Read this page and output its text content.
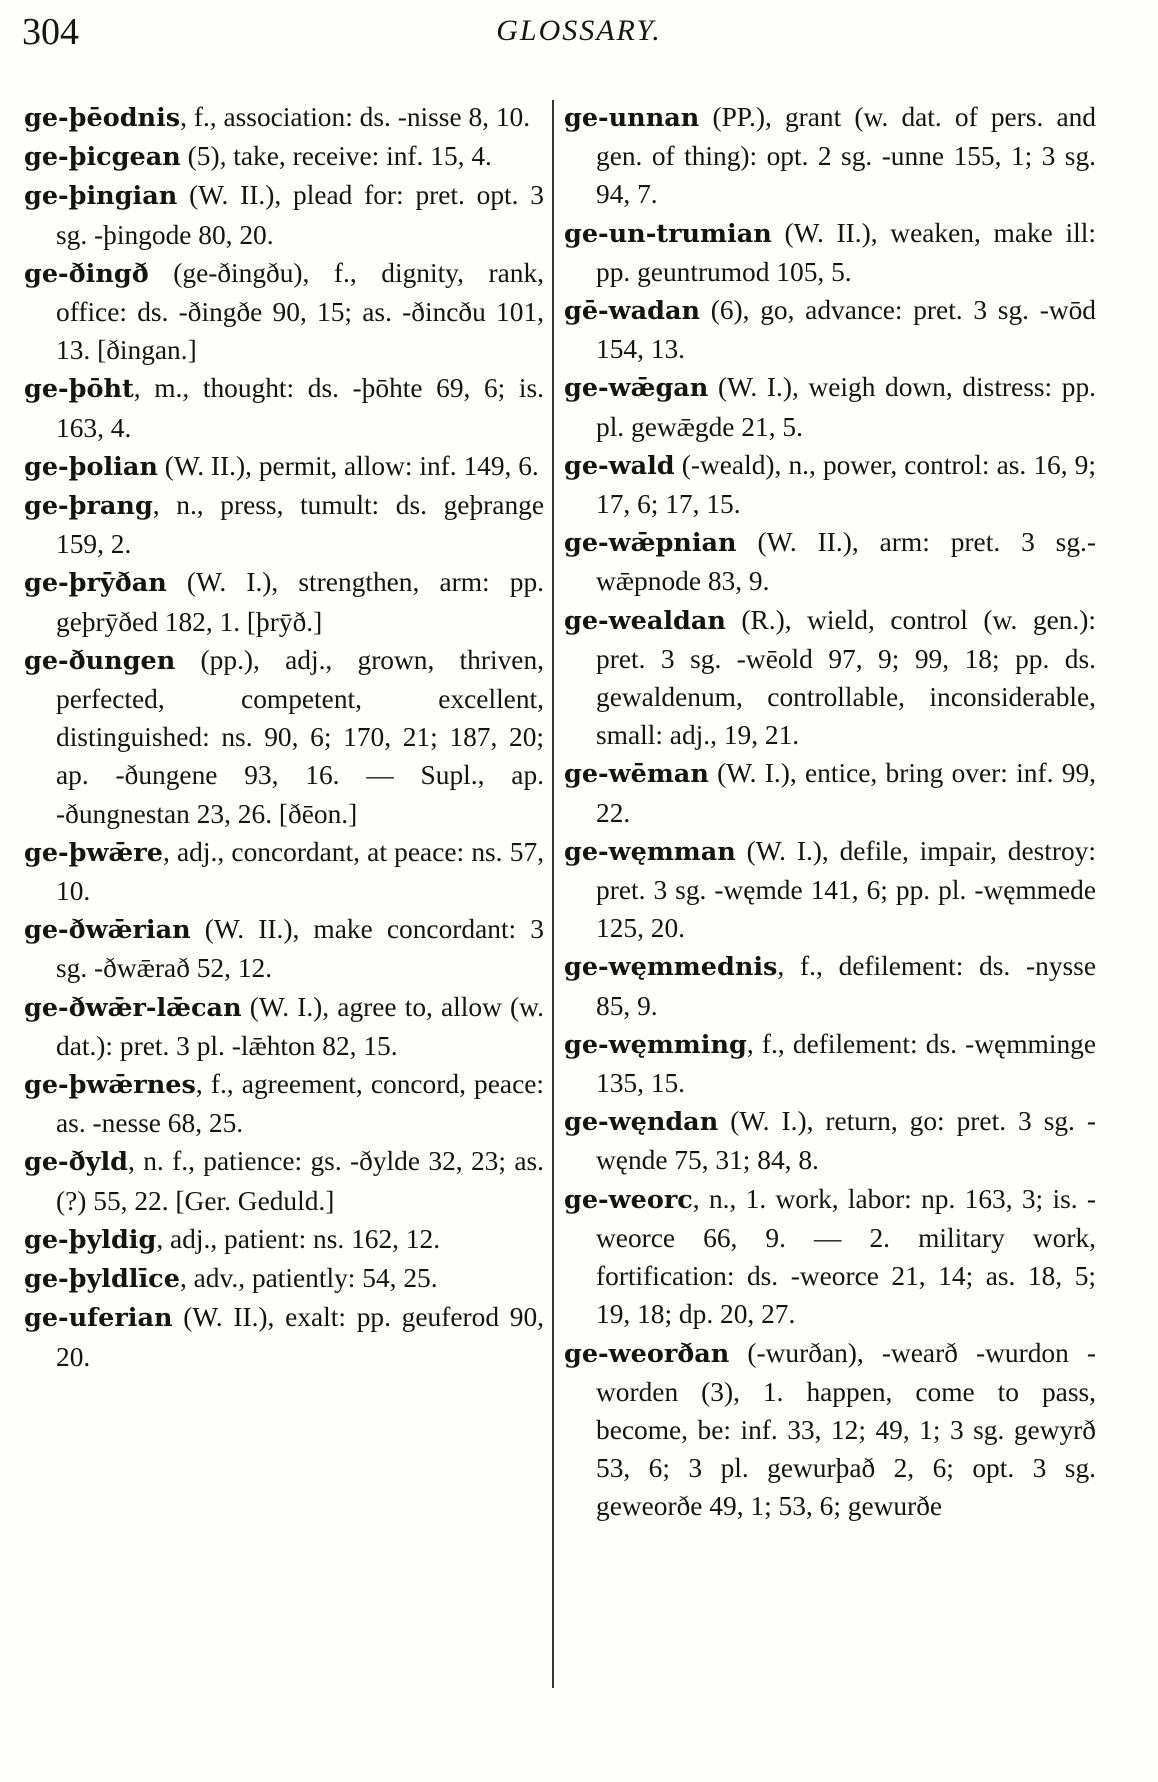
304	GLOSSARY.

ge-þēodnis, f., association: ds. -nisse 8, 10.

ge-þicgean (5), take, receive: inf. 15, 4.

ge-þingian (W. II.), plead for: pret. opt. 3 sg. -þingode 80, 20.

ge-ðingð (ge-ðingðu), f., dignity, rank, office: ds. -ðingðe 90, 15; as. -ðincðu 101, 13. [ðingan.]

ge-þōht, m., thought: ds. -þōhte 69, 6; is. 163, 4.

ge-þolian (W. II.), permit, allow: inf. 149, 6.

ge-þrang, n., press, tumult: ds. geþrange 159, 2.

ge-þrȳðan (W. I.), strengthen, arm: pp. geþrȳðed 182, 1. [þrȳð.]

ge-ðungen (pp.), adj., grown, thriven, perfected, competent, excellent, distinguished: ns. 90, 6; 170, 21; 187, 20; ap. -ðungene 93, 16. — Supl., ap. -ðungnestan 23, 26. [ðēon.]

ge-þwǣre, adj., concordant, at peace: ns. 57, 10.

ge-ðwǣrian (W. II.), make concordant: 3 sg. -ðwǣrað 52, 12.

ge-ðwǣr-lǣcan (W. I.), agree to, allow (w. dat.): pret. 3 pl. -lǣhton 82, 15.

ge-þwǣrnes, f., agreement, concord, peace: as. -nesse 68, 25.

ge-ðyld, n. f., patience: gs. -ðylde 32, 23; as. (?) 55, 22. [Ger. Geduld.]

ge-þyldig, adj., patient: ns. 162, 12.

ge-þyldlīce, adv., patiently: 54, 25.

ge-uferian (W. II.), exalt: pp. geuferod 90, 20.

ge-unnan (PP.), grant (w. dat. of pers. and gen. of thing): opt. 2 sg. -unne 155, 1; 3 sg. 94, 7.

ge-un-trumian (W. II.), weaken, make ill: pp. geuntrumod 105, 5.

gē-wadan (6), go, advance: pret. 3 sg. -wōd 154, 13.

ge-wǣgan (W. I.), weigh down, distress: pp. pl. gewǣgde 21, 5.

ge-wald (-weald), n., power, control: as. 16, 9; 17, 6; 17, 15.

ge-wǣpnian (W. II.), arm: pret. 3 sg.-wǣpnode 83, 9.

ge-wealdan (R.), wield, control (w. gen.): pret. 3 sg. -wēold 97, 9; 99, 18; pp. ds. gewaldenum, controllable, inconsiderable, small: adj., 19, 21.

ge-wēman (W. I.), entice, bring over: inf. 99, 22.

ge-węmman (W. I.), defile, impair, destroy: pret. 3 sg. -węmde 141, 6; pp. pl. -węmmede 125, 20.

ge-węmmednis, f., defilement: ds. -nysse 85, 9.

ge-węmming, f., defilement: ds. -węmminge 135, 15.

ge-węndan (W. I.), return, go: pret. 3 sg. -węnde 75, 31; 84, 8.

ge-weorc, n., 1. work, labor: np. 163, 3; is. -weorce 66, 9. — 2. military work, fortification: ds. -weorce 21, 14; as. 18, 5; 19, 18; dp. 20, 27.

ge-weorðan (-wurðan), -wearð -wurdon -worden (3), 1. happen, come to pass, become, be: inf. 33, 12; 49, 1; 3 sg. gewyrð 53, 6; 3 pl. gewurþað 2, 6; opt. 3 sg. geweorðe 49, 1; 53, 6; gewurðe
